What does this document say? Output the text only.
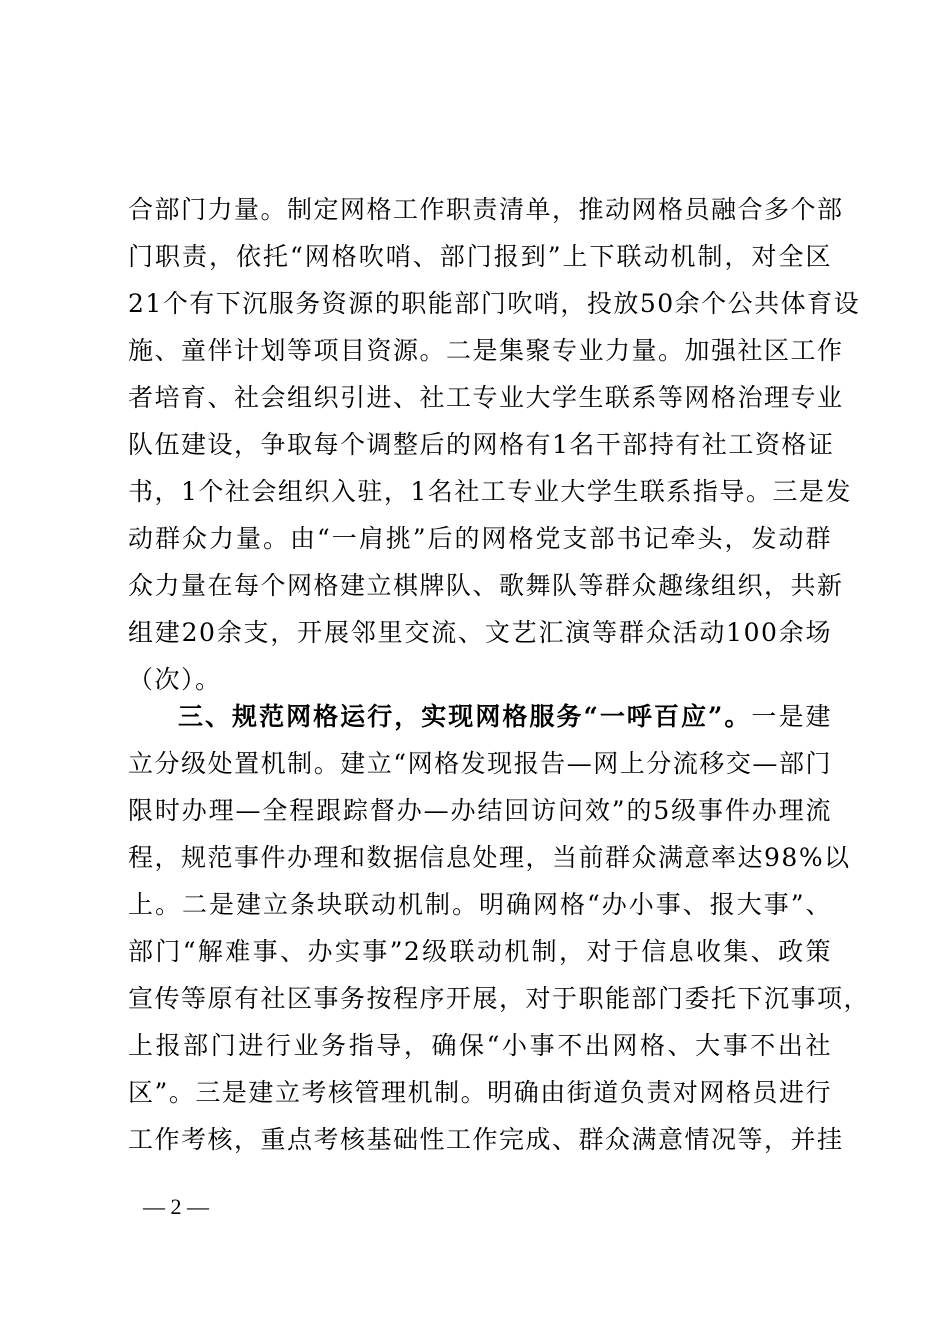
合部门力量。制定网格工作职责清单，推动网格员融合多个部
门职责，依托“网格吹哨、部门报到”上下联动机制，对全区
21个有下沉服务资源的职能部门吹哨，投放50余个公共体育设
施、童伴计划等项目资源。二是集聚专业力量。加强社区工作
者培育、社会组织引进、社工专业大学生联系等网格治理专业
队伍建设，争取每个调整后的网格有1名干部持有社工资格证
书，1个社会组织入驻，1名社工专业大学生联系指导。三是发
动群众力量。由“一肩挑”后的网格党支部书记牵头，发动群
众力量在每个网格建立棋牌队、歌舞队等群众趣缘组织，共新
组建20余支，开展邻里交流、文艺汇演等群众活动100余场
（次）。
三、规范网格运行，实现网格服务“一呼百应”。一是建
立分级处置机制。建立“网格发现报告—网上分流移交—部门
限时办理—全程跟踪督办—办结回访问效”的5级事件办理流
程，规范事件办理和数据信息处理，当前群众满意率达98%以
上。二是建立条块联动机制。明确网格“办小事、报大事”、
部门“解难事、办实事”2级联动机制，对于信息收集、政策
宣传等原有社区事务按程序开展，对于职能部门委托下沉事项，
上报部门进行业务指导，确保“小事不出网格、大事不出社
区”。三是建立考核管理机制。明确由街道负责对网格员进行
工作考核，重点考核基础性工作完成、群众满意情况等，并挂
— 2 —
